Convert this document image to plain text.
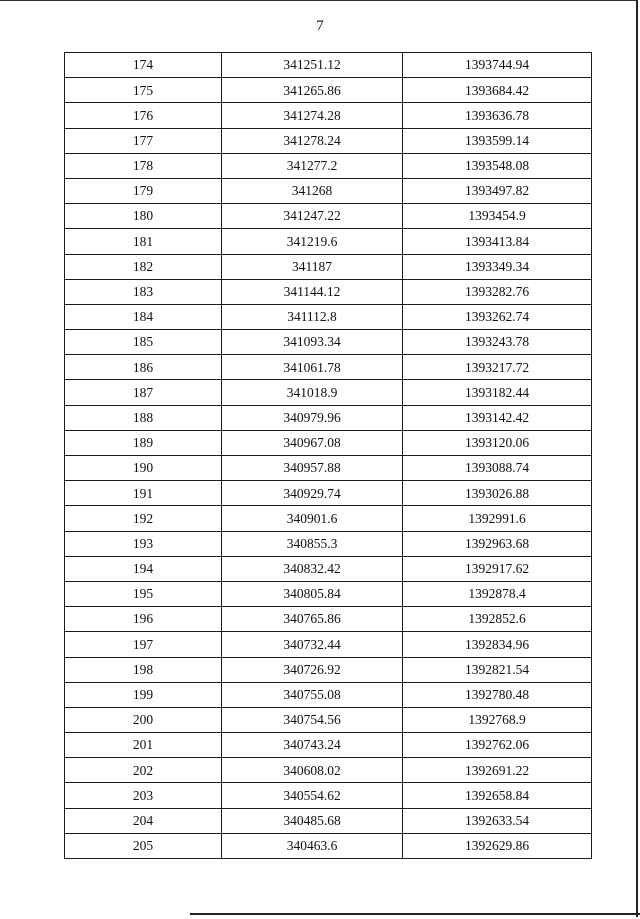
7
174	341251.12	1393744.94
175	341265.86	1393684.42
176	341274.28	1393636.78
177	341278.24	1393599.14
178	341277.2	1393548.08
179	341268	1393497.82
180	341247.22	1393454.9
181	341219.6	1393413.84
182	341187	1393349.34
183	341144.12	1393282.76
184	341112.8	1393262.74
185	341093.34	1393243.78
186	341061.78	1393217.72
187	341018.9	1393182.44
188	340979.96	1393142.42
189	340967.08	1393120.06
190	340957.88	1393088.74
191	340929.74	1393026.88
192	340901.6	1392991.6
193	340855.3	1392963.68
194	340832.42	1392917.62
195	340805.84	1392878.4
196	340765.86	1392852.6
197	340732.44	1392834.96
198	340726.92	1392821.54
199	340755.08	1392780.48
200	340754.56	1392768.9
201	340743.24	1392762.06
202	340608.02	1392691.22
203	340554.62	1392658.84
204	340485.68	1392633.54
205	340463.6	1392629.86
